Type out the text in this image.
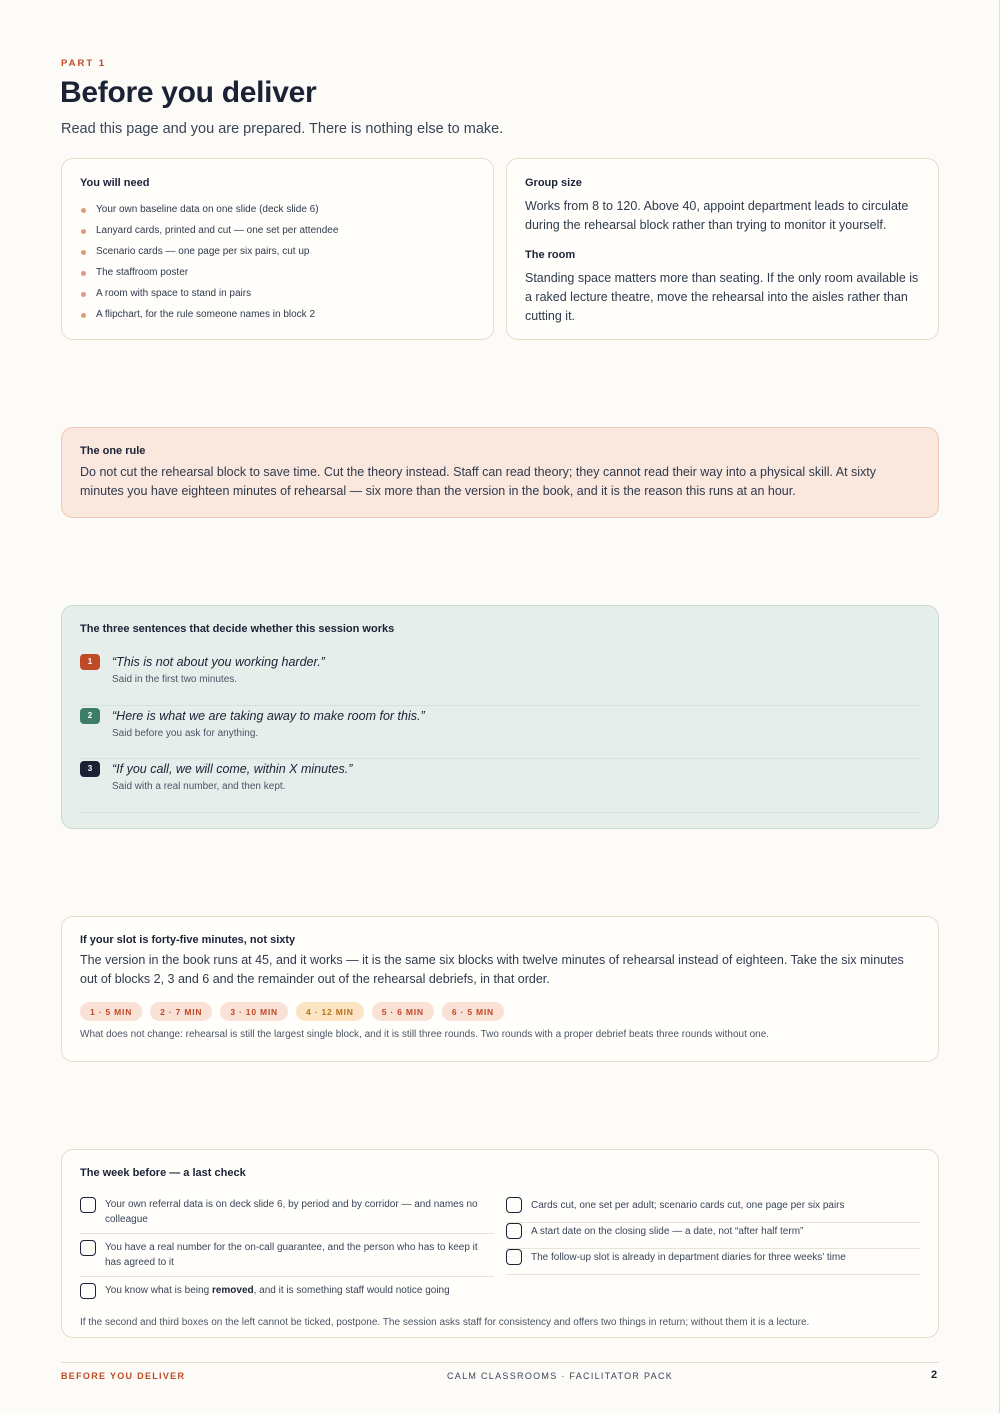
PART 1
Before you deliver

Read this page and you are prepared. There is nothing else to make.

You will need
Your own baseline data on one slide (deck slide 6)
Lanyard cards, printed and cut — one set per attendee
Scenario cards — one page per six pairs, cut up
The staffroom poster
A room with space to stand in pairs
A flipchart, for the rule someone names in block 2
Group size

Works from 8 to 120. Above 40, appoint department leads to circulate during the rehearsal block rather than trying to monitor it yourself.

The room

Standing space matters more than seating. If the only room available is a raked lecture theatre, move the rehearsal into the aisles rather than cutting it.

The one rule

Do not cut the rehearsal block to save time. Cut the theory instead. Staff can read theory; they cannot read their way into a physical skill. At sixty minutes you have eighteen minutes of rehearsal — six more than the version in the book, and it is the reason this runs at an hour.

The three sentences that decide whether this session works
1	“This is not about you working harder.”
Said in the first two minutes.
2	“Here is what we are taking away to make room for this.”
Said before you ask for anything.
3	“If you call, we will come, within X minutes.”
Said with a real number, and then kept.
If your slot is forty-five minutes, not sixty

The version in the book runs at 45, and it works — it is the same six blocks with twelve minutes of rehearsal instead of eighteen. Take the six minutes out of blocks 2, 3 and 6 and the remainder out of the rehearsal debriefs, in that order.

1 · 5 MIN	2 · 7 MIN	3 · 10 MIN	4 · 12 MIN	5 · 6 MIN	6 · 5 MIN

What does not change: rehearsal is still the largest single block, and it is still three rounds. Two rounds with a proper debrief beats three rounds without one.

The week before — a last check
Your own referral data is on deck slide 6, by period and by corridor — and names no colleague
You have a real number for the on-call guarantee, and the person who has to keep it has agreed to it
You know what is being removed, and it is something staff would notice going
Cards cut, one set per adult; scenario cards cut, one page per six pairs
A start date on the closing slide — a date, not “after half term”
The follow-up slot is already in department diaries for three weeks’ time

If the second and third boxes on the left cannot be ticked, postpone. The session asks staff for consistency and offers two things in return; without them it is a lecture.

BEFORE YOU DELIVER	CALM CLASSROOMS · FACILITATOR PACK	2
